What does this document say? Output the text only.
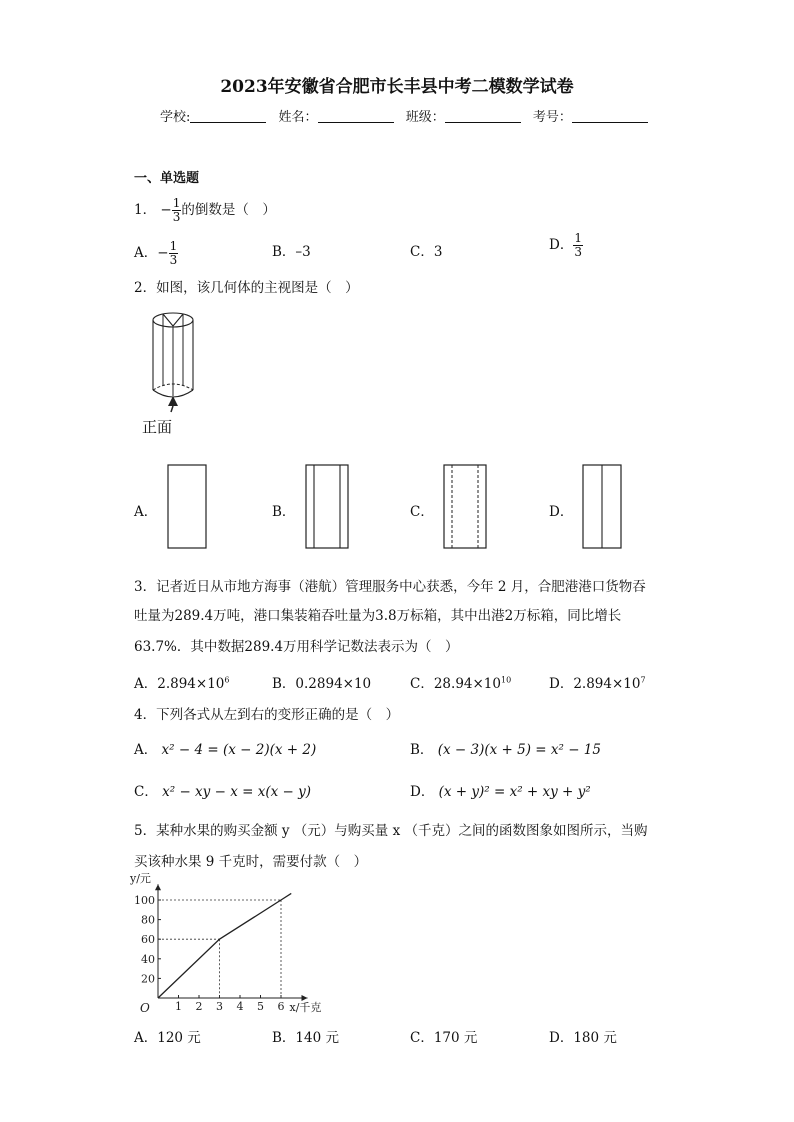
2023年安徽省合肥市长丰县中考二模数学试卷
学校:	姓名：	班级：	考号：
一、单选题
1． − $\frac{1}{3}$ 的倒数是（　）
A．− $\frac{1}{3}$	B．–3	C．3	D． $\frac{1}{3}$
2．如图，该几何体的主视图是（　）
正面
A．	B．	C．	D．
3．记者近日从市地方海事（港航）管理服务中心获悉，今年 2 月，合肥港港口货物吞
吐量为289.4万吨，港口集装箱吞吐量为3.8万标箱，其中出港2万标箱，同比增长
63.7%．其中数据289.4万用科学记数法表示为（　）
A．$2.894\times 10^6$	B．0.2894×10	C．$28.94\times 10^{10}$	D．$2.894\times 10^7$
4．下列各式从左到右的变形正确的是（　）
A． x² − 4 = (x − 2)(x + 2)	B． (x − 3)(x + 5) = x² − 15
C． x² − xy − x = x(x − y)	D． (x + y)² = x² + xy + y²
5．某种水果的购买金额 y （元）与购买量 x （千克）之间的函数图象如图所示，当购
买该种水果 9 千克时，需要付款（　）
1 2 3 4 5 6
20
40
60
80
100
O	x/千克
y/元
A．120 元	B．140 元	C．170 元	D．180 元
